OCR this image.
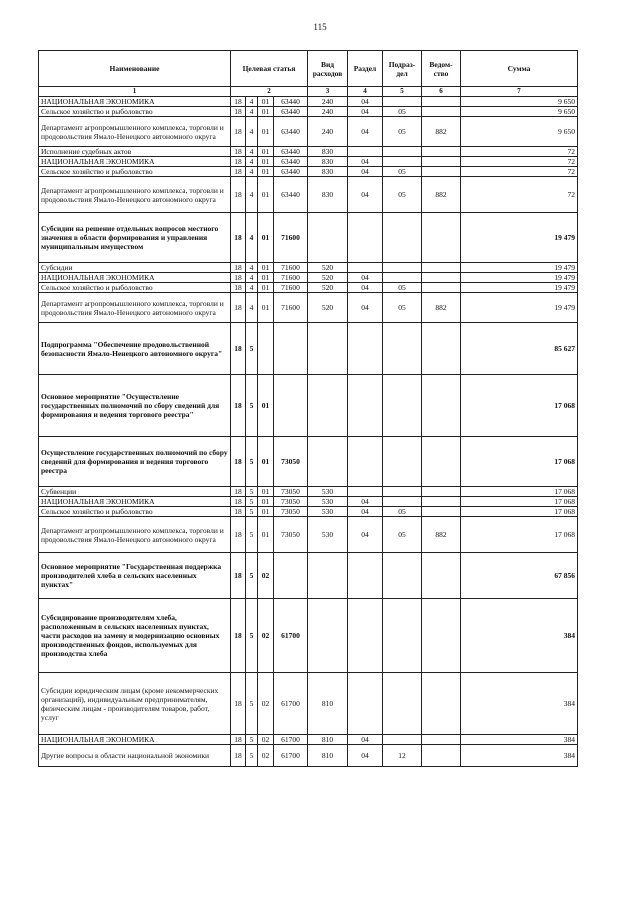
115
Наименование	Целевая статья				Вид расходов	Раздел	Подраз-дел	Ведом-ство	Сумма
1	2				3	4	5	6	7
НАЦИОНАЛЬНАЯ ЭКОНОМИКА	18	4	01	63440	240	04			9 650
Сельское хозяйство и рыболовство	18	4	01	63440	240	04	05		9 650
Департамент агропромышленного комплекса, торговли и продовольствия Ямало-Ненецкого автономного округа	18	4	01	63440	240	04	05	882	9 650
Исполнение судебных актов	18	4	01	63440	830				72
НАЦИОНАЛЬНАЯ ЭКОНОМИКА	18	4	01	63440	830	04			72
Сельское хозяйство и рыболовство	18	4	01	63440	830	04	05		72
Департамент агропромышленного комплекса, торговли и продовольствия Ямало-Ненецкого автономного округа	18	4	01	63440	830	04	05	882	72
Субсидии на решение отдельных вопросов местного значения в области формирования и управления муниципальным имуществом	18	4	01	71600					19 479
Субсидии	18	4	01	71600	520				19 479
НАЦИОНАЛЬНАЯ ЭКОНОМИКА	18	4	01	71600	520	04			19 479
Сельское хозяйство и рыболовство	18	4	01	71600	520	04	05		19 479
Департамент агропромышленного комплекса, торговли и продовольствия Ямало-Ненецкого автономного округа	18	4	01	71600	520	04	05	882	19 479
Подпрограмма "Обеспечение продовольственной безопасности Ямало-Ненецкого автономного округа"	18	5							85 627
Основное мероприятие "Осуществление государственных полномочий по сбору сведений для формирования и ведения торгового реестра"	18	5	01						17 068
Осуществление государственных полномочий по сбору сведений для формирования и ведения торгового реестра	18	5	01	73050					17 068
Субвенции	18	5	01	73050	530				17 068
НАЦИОНАЛЬНАЯ ЭКОНОМИКА	18	5	01	73050	530	04			17 068
Сельское хозяйство и рыболовство	18	5	01	73050	530	04	05		17 068
Департамент агропромышленного комплекса, торговли и продовольствия Ямало-Ненецкого автономного округа	18	5	01	73050	530	04	05	882	17 068
Основное мероприятие "Государственная поддержка производителей хлеба в сельских населенных пунктах"	18	5	02						67 856
Субсидирование производителям хлеба, расположенным в сельских населенных пунктах, части расходов на замену и модернизацию основных производственных фондов, используемых для производства хлеба	18	5	02	61700					384
Субсидии юридическим лицам (кроме некоммерческих организаций), индивидуальным предпринимателям, физическим лицам - производителям товаров, работ, услуг	18	5	02	61700	810				384
НАЦИОНАЛЬНАЯ ЭКОНОМИКА	18	5	02	61700	810	04			384
Другие вопросы в области национальной экономики	18	5	02	61700	810	04	12		384
